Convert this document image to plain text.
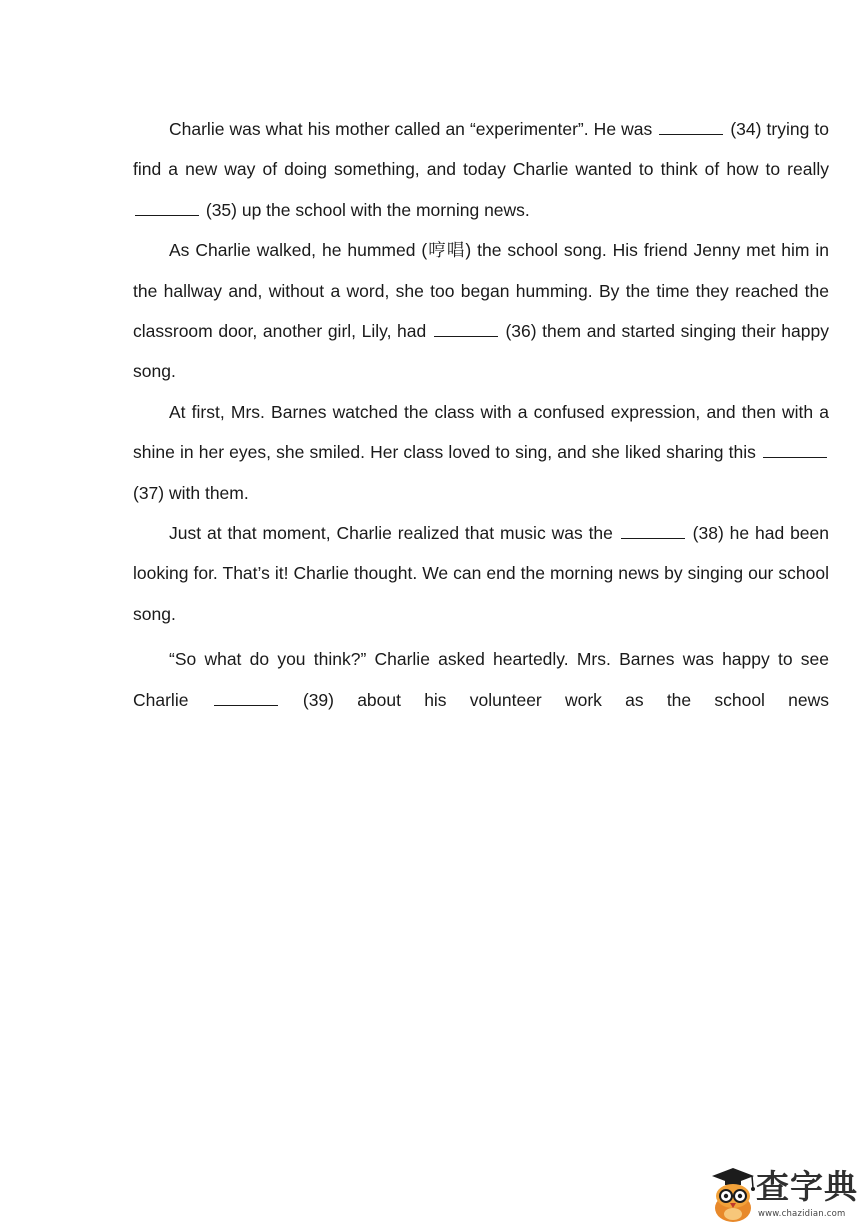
Charlie was what his mother called an “experimenter”. He was	(34) trying to find a new way of doing something, and today Charlie wanted to think of how to really  (35) up the school with the morning news.

As Charlie walked, he hummed (哼唱) the school song. His friend Jenny met him in the hallway and, without a word, she too began humming. By the time they reached the classroom door, another girl, Lily, had	(36) them and started singing their happy song.

At first, Mrs. Barnes watched the class with a confused expression, and then with a shine in her eyes, she smiled. Her class loved to sing, and she liked sharing this  (37) with them.

Just at that moment, Charlie realized that music was the	(38) he had been looking for. That’s it! Charlie thought. We can end the morning news by singing our school song.

“So what do you think?” Charlie asked heartedly. Mrs. Barnes was happy to see Charlie	(39) about his volunteer work as the school news

查字典
www.chazidian.com
